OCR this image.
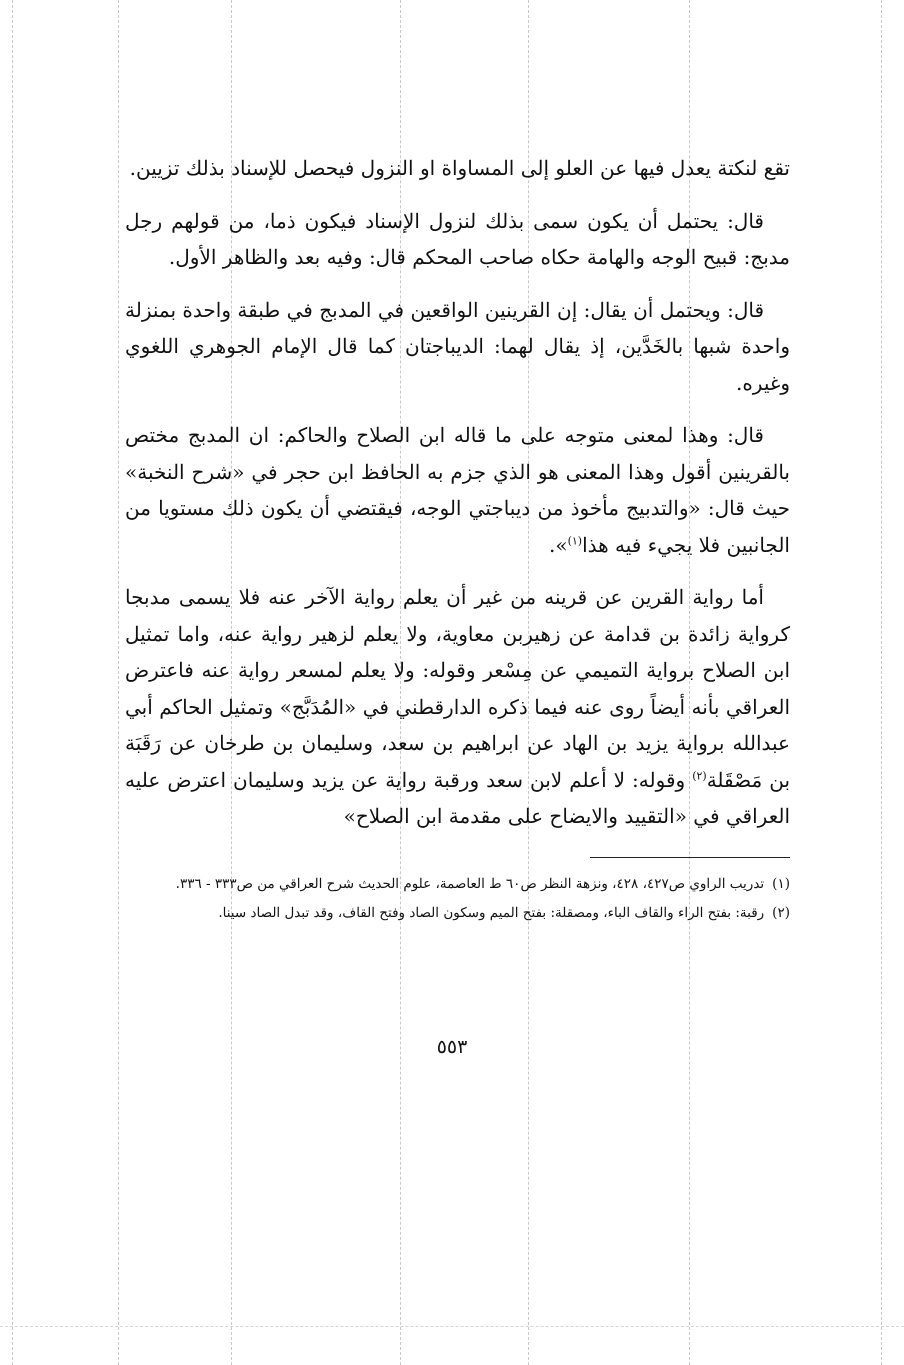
تقع لنكتة يعدل فيها عن العلو إلى المساواة او النزول فيحصل للإسناد بذلك تزيين.

قال: يحتمل أن يكون سمى بذلك لنزول الإسناد فيكون ذما، من قولهم رجل مدبج: قبيح الوجه والهامة حكاه صاحب المحكم قال: وفيه بعد والظاهر الأول.

قال: ويحتمل أن يقال: إن القرينين الواقعين في المدبج في طبقة واحدة بمنزلة واحدة شبها بالخَدَّين، إذ يقال لهما: الديباجتان كما قال الإمام الجوهري اللغوي وغيره.

قال: وهذا لمعنى متوجه على ما قاله ابن الصلاح والحاكم: ان المدبج مختص بالقرينين أقول وهذا المعنى هو الذي جزم به الحافظ ابن حجر في «شرح النخبة» حيث قال: «والتدبيج مأخوذ من ديباجتي الوجه، فيقتضي أن يكون ذلك مستويا من الجانبين فلا يجيء فيه هذا$^{(١)}$».

أما رواية القرين عن قرينه من غير أن يعلم رواية الآخر عنه فلا يسمى مدبجا كرواية زائدة بن قدامة عن زهيربن معاوية، ولا يعلم لزهير رواية عنه، واما تمثيل ابن الصلاح برواية التميمي عن مِسْعر وقوله: ولا يعلم لمسعر رواية عنه فاعترض العراقي بأنه أيضاً روى عنه فيما ذكره الدارقطني في «المُدَبَّج» وتمثيل الحاكم أبي عبدالله برواية يزيد بن الهاد عن ابراهيم بن سعد، وسليمان بن طرخان عن رَقَبَة بن مَصْقَلة$^{(٢)}$ وقوله: لا أعلم لابن سعد ورقبة رواية عن يزيد وسليمان اعترض عليه العراقي في «التقييد والايضاح على مقدمة ابن الصلاح»

(١)تدريب الراوي ص٤٢٧، ٤٢٨، ونزهة النظر ص٦٠ ط العاصمة، علوم الحديث شرح العراقي من ص٣٣٣ - ٣٣٦.

(٢)رقبة: بفتح الراء والقاف الباء، ومصقلة: بفتح الميم وسكون الصاد وفتح القاف، وقد تبدل الصاد سينا.

٥٥٣
